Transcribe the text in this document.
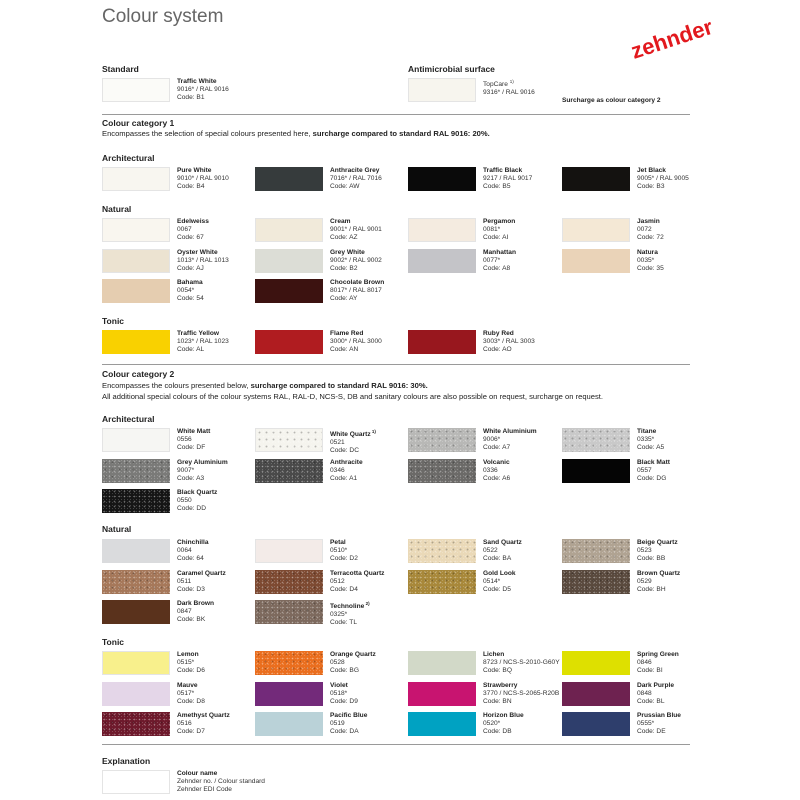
Colour system	zehnder
Standard
Traffic White
9016* / RAL 9016
Code: B1
Antimicrobial surface
TopCare $^{1)}$
9316* / RAL 9016
Surcharge as colour category 2
Colour category 1
Encompasses the selection of special colours presented here, surcharge compared to standard RAL 9016: 20%.
Architectural
Natural
Tonic
Pure White
9010* / RAL 9010
Code: B4
Anthracite Grey
7016* / RAL 7016
Code: AW
Traffic Black
9217 / RAL 9017
Code: B5
Jet Black
9005* / RAL 9005
Code: B3
Edelweiss
0067
Code: 67
Cream
9001* / RAL 9001
Code: AZ
Pergamon
0081*
Code: AI
Jasmin
0072
Code: 72
Oyster White
1013* / RAL 1013
Code: AJ
Grey White
9002* / RAL 9002
Code: B2
Manhattan
0077*
Code: A8
Natura
0035*
Code: 35
Bahama
0054*
Code: 54
Chocolate Brown
8017* / RAL 8017
Code: AY
Traffic Yellow
1023* / RAL 1023
Code: AL
Flame Red
3000* / RAL 3000
Code: AN
Ruby Red
3003* / RAL 3003
Code: AO
Colour category 2
Encompasses the colours presented below, surcharge compared to standard RAL 9016: 30%.
All additional special colours of the colour systems RAL, RAL-D, NCS-S, DB and sanitary colours are also possible on request, surcharge on request.
Architectural
Natural
Tonic
White Matt
0556
Code: DF
White Quartz $^{1)}$
0521
Code: DC
White Aluminium
9006*
Code: A7
Titane
0335*
Code: A5
Grey Aluminium
9007*
Code: A3
Anthracite
0346
Code: A1
Volcanic
0336
Code: A6
Black Matt
0557
Code: DG
Black Quartz
0550
Code: DD
Chinchilla
0064
Code: 64
Petal
0510*
Code: D2
Sand Quartz
0522
Code: BA
Beige Quartz
0523
Code: BB
Caramel Quartz
0511
Code: D3
Terracotta Quartz
0512
Code: D4
Gold Look
0514*
Code: D5
Brown Quartz
0529
Code: BH
Dark Brown
0847
Code: BK
Technoline $^{2)}$
0325*
Code: TL
Lemon
0515*
Code: D6
Orange Quartz
0528
Code: BG
Lichen
8723 / NCS-S-2010-G60Y
Code: BQ
Spring Green
0846
Code: BI
Mauve
0517*
Code: D8
Violet
0518*
Code: D9
Strawberry
3770 / NCS-S-2065-R20B
Code: BN
Dark Purple
0848
Code: BL
Amethyst Quartz
0516
Code: D7
Pacific Blue
0519
Code: DA
Horizon Blue
0520*
Code: DB
Prussian Blue
0555*
Code: DE
Explanation
Colour name
Zehnder no. / Colour standard
Zehnder EDI Code
